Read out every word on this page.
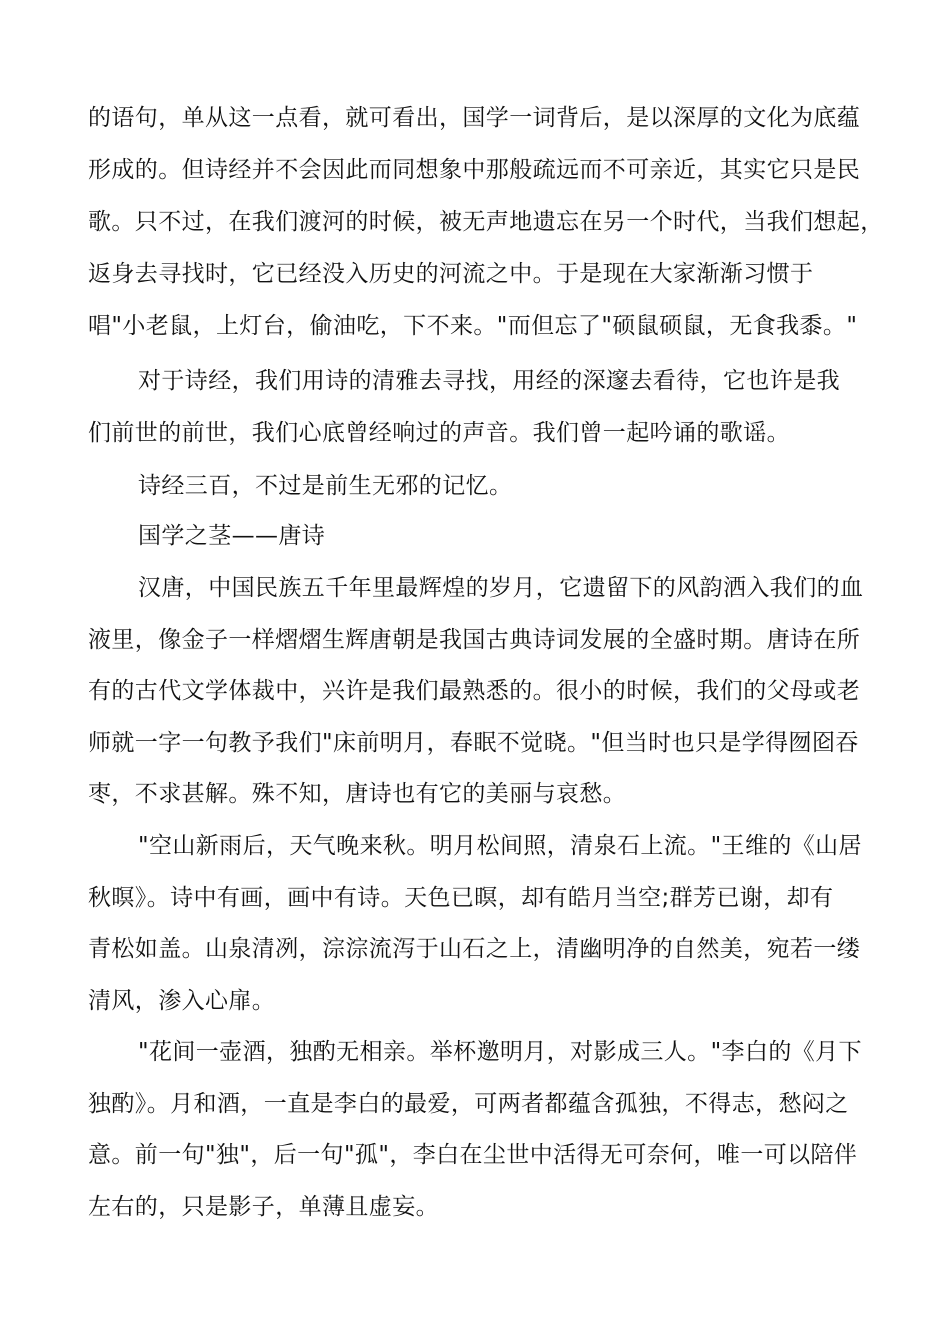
的语句，单从这一点看，就可看出，国学一词背后，是以深厚的文化为底蕴
形成的。但诗经并不会因此而同想象中那般疏远而不可亲近，其实它只是民
歌。只不过，在我们渡河的时候，被无声地遗忘在另一个时代，当我们想起，
返身去寻找时，它已经没入历史的河流之中。于是现在大家渐渐习惯于
唱"小老鼠，上灯台，偷油吃，下不来。"而但忘了"硕鼠硕鼠，无食我黍。"
对于诗经，我们用诗的清雅去寻找，用经的深邃去看待，它也许是我
们前世的前世，我们心底曾经响过的声音。我们曾一起吟诵的歌谣。
诗经三百，不过是前生无邪的记忆。
国学之茎——唐诗
汉唐，中国民族五千年里最辉煌的岁月，它遗留下的风韵洒入我们的血
液里，像金子一样熠熠生辉唐朝是我国古典诗词发展的全盛时期。唐诗在所
有的古代文学体裁中，兴许是我们最熟悉的。很小的时候，我们的父母或老
师就一字一句教予我们"床前明月，春眠不觉晓。"但当时也只是学得囫囵吞
枣，不求甚解。殊不知，唐诗也有它的美丽与哀愁。
"空山新雨后，天气晚来秋。明月松间照，清泉石上流。"王维的《山居
秋暝》。诗中有画，画中有诗。天色已暝，却有皓月当空;群芳已谢，却有
青松如盖。山泉清冽，淙淙流泻于山石之上，清幽明净的自然美，宛若一缕
清风，渗入心扉。
"花间一壶酒，独酌无相亲。举杯邀明月，对影成三人。"李白的《月下
独酌》。月和酒，一直是李白的最爱，可两者都蕴含孤独，不得志，愁闷之
意。前一句"独"，后一句"孤"，李白在尘世中活得无可奈何，唯一可以陪伴
左右的，只是影子，单薄且虚妄。
